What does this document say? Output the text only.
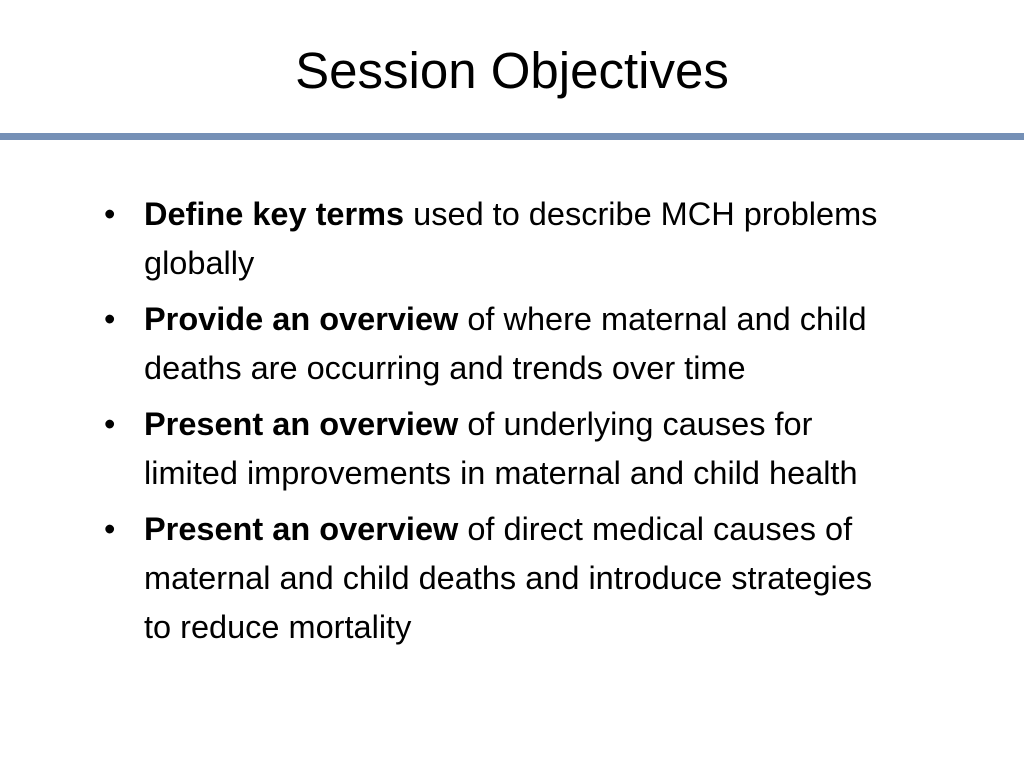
Session Objectives
• Define key terms used to describe MCH problems globally
• Provide an overview of where maternal and child deaths are occurring and trends over time
• Present an overview of underlying causes for limited improvements in maternal and child health
• Present an overview of direct medical causes of maternal and child deaths and introduce strategies to reduce mortality
